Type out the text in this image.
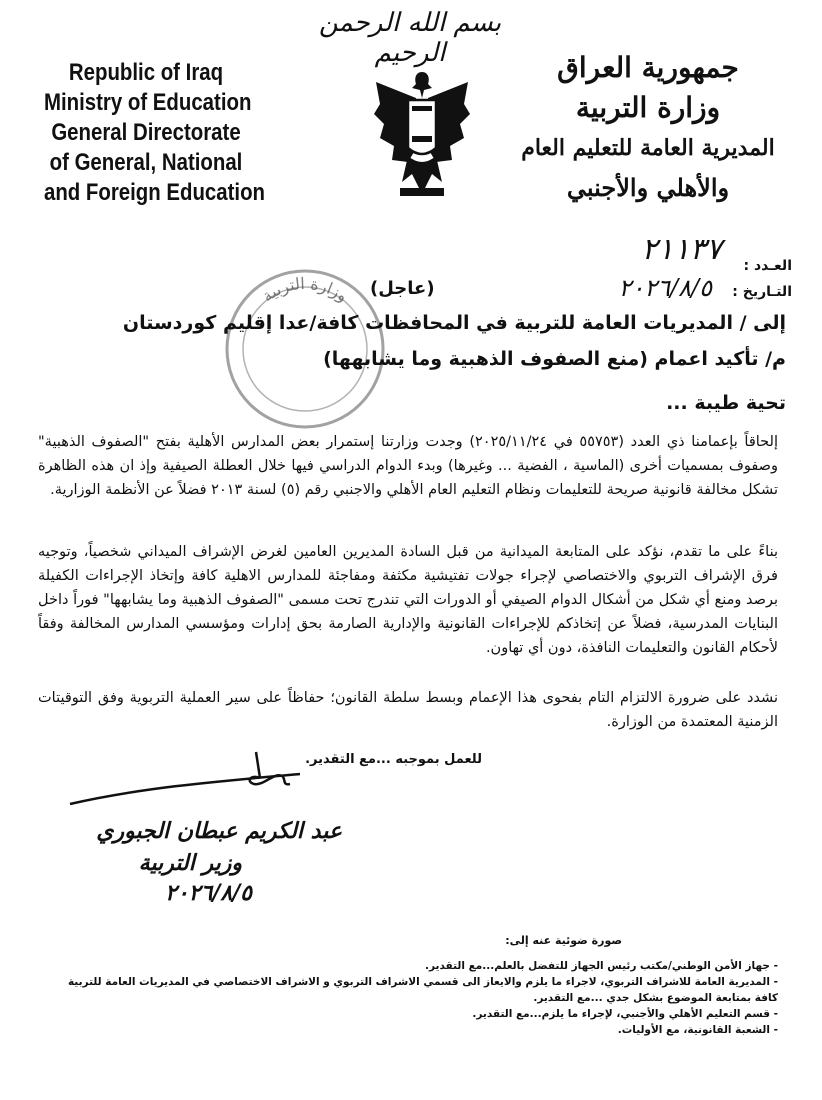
بسم الله الرحمن الرحيم
Republic of Iraq
Ministry of Education
General Directorate
of General, National
and Foreign Education
جمهورية العراق
وزارة التربية
المديرية العامة للتعليم العام
والأهلي والأجنبي
٢١١٣٧ العـدد :
٢٠٢٦/٨/٥ التـاريخ :
وزارة التربية (عاجل)
إلى / المديريات العامة للتربية في المحافظات كافة/عدا إقليم كوردستان
م/ تأكيد اعمام (منع الصفوف الذهبية وما يشابهها)
تحية طيبة ...
إلحاقاً بإعمامنا ذي العدد (٥٥٧٥٣ في ٢٠٢٥/١١/٢٤) وجدت وزارتنا إستمرار بعض المدارس الأهلية بفتح "الصفوف الذهبية" وصفوف بمسميات أخرى (الماسية ، الفضية ... وغيرها) وبدء الدوام الدراسي فيها خلال العطلة الصيفية وإذ ان هذه الظاهرة تشكل مخالفة قانونية صريحة للتعليمات ونظام التعليم العام الأهلي والاجنبي رقم (٥) لسنة ٢٠١٣ فضلاً عن الأنظمة الوزارية.
بناءً على ما تقدم، نؤكد على المتابعة الميدانية من قبل السادة المديرين العامين لغرض الإشراف الميداني شخصياً، وتوجيه فرق الإشراف التربوي والاختصاصي لإجراء جولات تفتيشية مكثفة ومفاجئة للمدارس الاهلية كافة وإتخاذ الإجراءات الكفيلة برصد ومنع أي شكل من أشكال الدوام الصيفي أو الدورات التي تندرج تحت مسمى "الصفوف الذهبية وما يشابهها" فوراً داخل البنايات المدرسية، فضلاً عن إتخاذكم للإجراءات القانونية والإدارية الصارمة بحق إدارات ومؤسسي المدارس المخالفة وفقاً لأحكام القانون والتعليمات النافذة، دون أي تهاون.
نشدد على ضرورة الالتزام التام بفحوى هذا الإعمام وبسط سلطة القانون؛ حفاظاً على سير العملية التربوية وفق التوقيتات الزمنية المعتمدة من الوزارة.
للعمل بموجبه ...مع التقدير.
عبد الكريم عبطان الجبوري
وزير التربية
٢٠٢٦/٨/٥
صورة ضوئية عنه إلى:
- جهاز الأمن الوطني/مكتب رئيس الجهاز للتفضل بالعلم...مع التقدير.
- المديرية العامة للاشراف التربوي، لاجراء ما يلزم والايعاز الى قسمي الاشراف التربوي و الاشراف الاختصاصي في المديريات العامة للتربية
كافة بمتابعة الموضوع بشكل جدي ...مع التقدير.
- قسم التعليم الأهلي والأجنبي، لإجراء ما يلزم...مع التقدير.
- الشعبة القانونية، مع الأوليات.
